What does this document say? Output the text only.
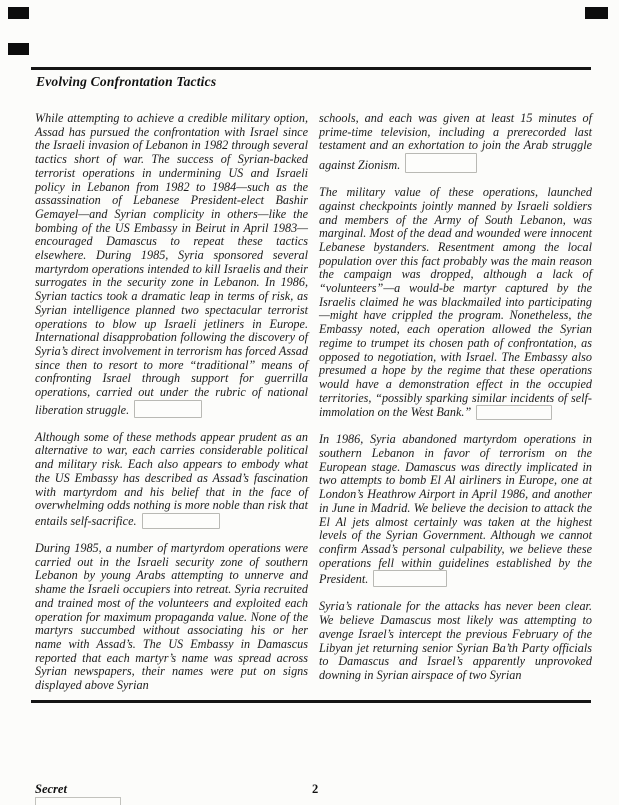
Evolving Confrontation Tactics

While attempting to achieve a credible military option, Assad has pursued the confrontation with Israel since the Israeli invasion of Lebanon in 1982 through several tactics short of war. The success of Syrian-backed terrorist operations in undermining US and Israeli policy in Lebanon from 1982 to 1984—such as the assassination of Lebanese President-elect Bashir Gemayel—and Syrian complicity in others—like the bombing of the US Embassy in Beirut in April 1983—encouraged Damascus to repeat these tactics elsewhere. During 1985, Syria sponsored several martyrdom operations intended to kill Israelis and their surrogates in the security zone in Lebanon. In 1986, Syrian tactics took a dramatic leap in terms of risk, as Syrian intelligence planned two spectacular terrorist operations to blow up Israeli jetliners in Europe. International disapprobation following the discovery of Syria’s direct involvement in terrorism has forced Assad since then to resort to more “traditional” means of confronting Israel through support for guerrilla operations, carried out under the rubric of national liberation struggle.

Although some of these methods appear prudent as an alternative to war, each carries considerable political and military risk. Each also appears to embody what the US Embassy has described as Assad’s fascination with martyrdom and his belief that in the face of overwhelming odds nothing is more noble than risk that entails self-sacrifice.

During 1985, a number of martyrdom operations were carried out in the Israeli security zone of southern Lebanon by young Arabs attempting to unnerve and shame the Israeli occupiers into retreat. Syria recruited and trained most of the volunteers and exploited each operation for maximum propaganda value. None of the martyrs succumbed without associating his or her name with Assad’s. The US Embassy in Damascus reported that each martyr’s name was spread across Syrian newspapers, their names were put on signs displayed above Syrian

schools, and each was given at least 15 minutes of prime-time television, including a prerecorded last testament and an exhortation to join the Arab struggle against Zionism.

The military value of these operations, launched against checkpoints jointly manned by Israeli soldiers and members of the Army of South Lebanon, was marginal. Most of the dead and wounded were innocent Lebanese bystanders. Resentment among the local population over this fact probably was the main reason the campaign was dropped, although a lack of “volunteers”—a would-be martyr captured by the Israelis claimed he was blackmailed into participating—might have crippled the program. Nonetheless, the Embassy noted, each operation allowed the Syrian regime to trumpet its chosen path of confrontation, as opposed to negotiation, with Israel. The Embassy also presumed a hope by the regime that these operations would have a demonstration effect in the occupied territories, “possibly sparking similar incidents of self-immolation on the West Bank.”

In 1986, Syria abandoned martyrdom operations in southern Lebanon in favor of terrorism on the European stage. Damascus was directly implicated in two attempts to bomb El Al airliners in Europe, one at London’s Heathrow Airport in April 1986, and another in June in Madrid. We believe the decision to attack the El Al jets almost certainly was taken at the highest levels of the Syrian Government. Although we cannot confirm Assad’s personal culpability, we believe these operations fell within guidelines established by the President.

Syria’s rationale for the attacks has never been clear. We believe Damascus most likely was attempting to avenge Israel’s intercept the previous February of the Libyan jet returning senior Syrian Ba’th Party officials to Damascus and Israel’s apparently unprovoked downing in Syrian airspace of two Syrian

Secret	2
